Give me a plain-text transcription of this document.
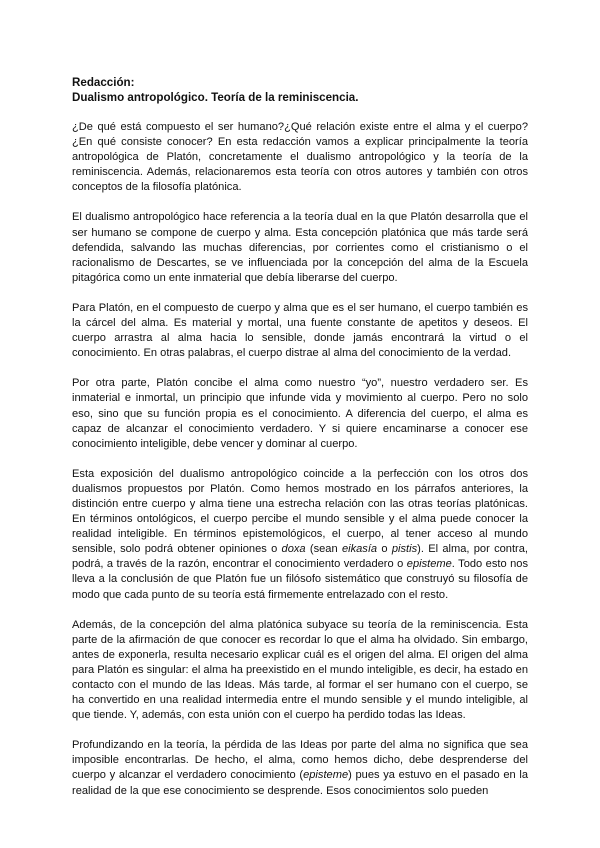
Redacción:

Dualismo antropológico. Teoría de la reminiscencia.

¿De qué está compuesto el ser humano?¿Qué relación existe entre el alma y el cuerpo? ¿En qué consiste conocer? En esta redacción vamos a explicar principalmente la teoría antropológica de Platón, concretamente el dualismo antropológico y la teoría de la reminiscencia. Además, relacionaremos esta teoría con otros autores y también con otros conceptos de la filosofía platónica.

El dualismo antropológico hace referencia a la teoría dual en la que Platón desarrolla que el ser humano se compone de cuerpo y alma. Esta concepción platónica que más tarde será defendida, salvando las muchas diferencias, por corrientes como el cristianismo o el racionalismo de Descartes, se ve influenciada por la concepción del alma de la Escuela pitagórica como un ente inmaterial que debía liberarse del cuerpo.

Para Platón, en el compuesto de cuerpo y alma que es el ser humano, el cuerpo también es la cárcel del alma. Es material y mortal, una fuente constante de apetitos y deseos. El cuerpo arrastra al alma hacia lo sensible, donde jamás encontrará la virtud o el conocimiento. En otras palabras, el cuerpo distrae al alma del conocimiento de la verdad.

Por otra parte, Platón concibe el alma como nuestro “yo”, nuestro verdadero ser. Es inmaterial e inmortal, un principio que infunde vida y movimiento al cuerpo. Pero no solo eso, sino que su función propia es el conocimiento. A diferencia del cuerpo, el alma es capaz de alcanzar el conocimiento verdadero. Y si quiere encaminarse a conocer ese conocimiento inteligible, debe vencer y dominar al cuerpo.

Esta exposición del dualismo antropológico coincide a la perfección con los otros dos dualismos propuestos por Platón. Como hemos mostrado en los párrafos anteriores, la distinción entre cuerpo y alma tiene una estrecha relación con las otras teorías platónicas. En términos ontológicos, el cuerpo percibe el mundo sensible y el alma puede conocer la realidad inteligible. En términos epistemológicos, el cuerpo, al tener acceso al mundo sensible, solo podrá obtener opiniones o doxa (sean eikasía o pistis). El alma, por contra, podrá, a través de la razón, encontrar el conocimiento verdadero o episteme. Todo esto nos lleva a la conclusión de que Platón fue un filósofo sistemático que construyó su filosofía de modo que cada punto de su teoría está firmemente entrelazado con el resto.

Además, de la concepción del alma platónica subyace su teoría de la reminiscencia. Esta parte de la afirmación de que conocer es recordar lo que el alma ha olvidado. Sin embargo, antes de exponerla, resulta necesario explicar cuál es el origen del alma. El origen del alma para Platón es singular: el alma ha preexistido en el mundo inteligible, es decir, ha estado en contacto con el mundo de las Ideas. Más tarde, al formar el ser humano con el cuerpo, se ha convertido en una realidad intermedia entre el mundo sensible y el mundo inteligible, al que tiende. Y, además, con esta unión con el cuerpo ha perdido todas las Ideas.

Profundizando en la teoría, la pérdida de las Ideas por parte del alma no significa que sea imposible encontrarlas. De hecho, el alma, como hemos dicho, debe desprenderse del cuerpo y alcanzar el verdadero conocimiento (episteme) pues ya estuvo en el pasado en la realidad de la que ese conocimiento se desprende. Esos conocimientos solo pueden
